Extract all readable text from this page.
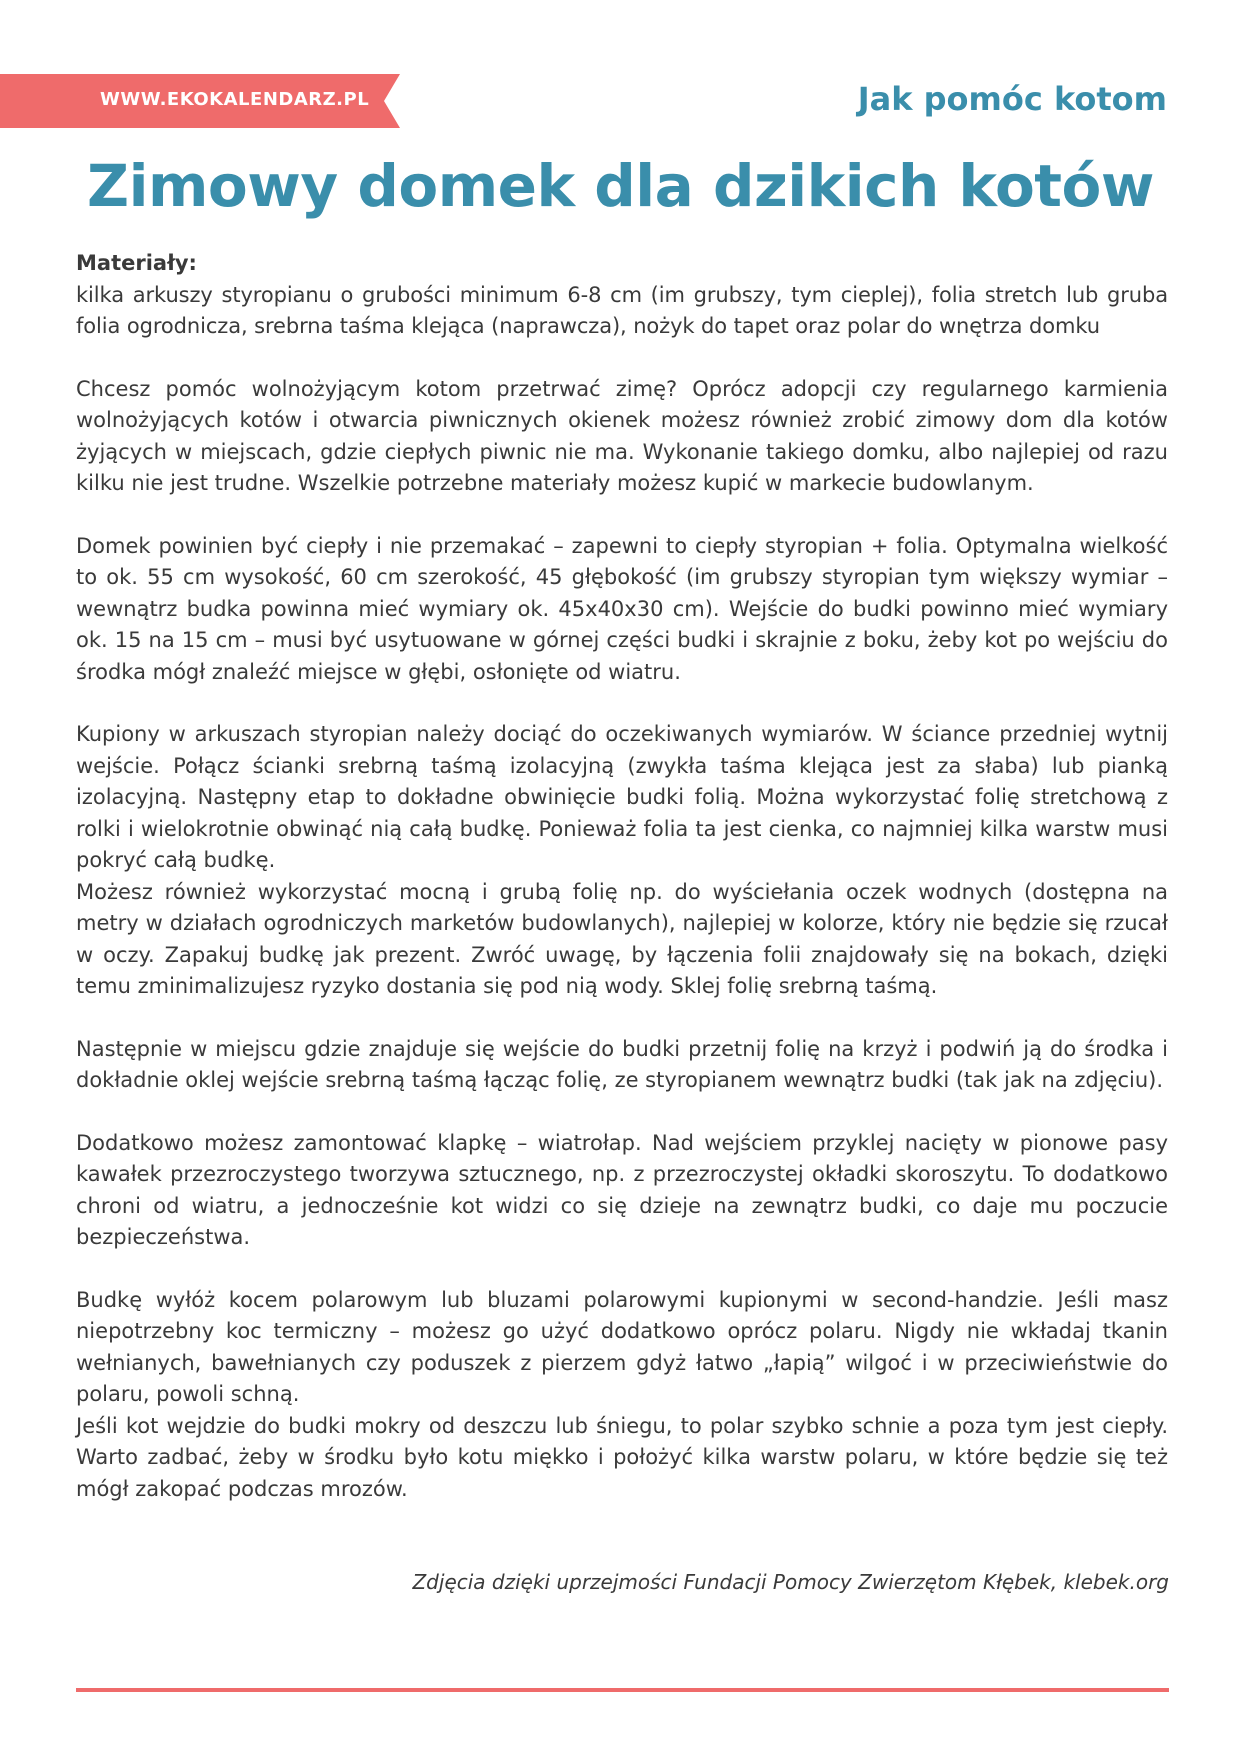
WWW.EKOKALENDARZ.PL	Jak pomóc kotom
Zimowy domek dla dzikich kotów

Materiały:

kilka arkuszy styropianu o grubości minimum 6-8 cm (im grubszy, tym cieplej), folia stretch lub gruba folia ogrodnicza, srebrna taśma klejąca (naprawcza), nożyk do tapet oraz polar do wnętrza domku

Chcesz pomóc wolnożyjącym kotom przetrwać zimę? Oprócz adopcji czy regularnego karmienia wolnożyjących kotów i otwarcia piwnicznych okienek możesz również zrobić zimowy dom dla kotów żyjących w miejscach, gdzie ciepłych piwnic nie ma. Wykonanie takiego domku, albo najlepiej od razu kilku nie jest trudne. Wszelkie potrzebne materiały możesz kupić w markecie budowlanym.

Domek powinien być ciepły i nie przemakać – zapewni to ciepły styropian + folia. Optymalna wielkość to ok. 55 cm wysokość, 60 cm szerokość, 45 głębokość (im grubszy styropian tym większy wymiar – wewnątrz budka powinna mieć wymiary ok. 45x40x30 cm). Wejście do budki powinno mieć wymiary ok. 15 na 15 cm – musi być usytuowane w górnej części budki i skrajnie z boku, żeby kot po wejściu do środka mógł znaleźć miejsce w głębi, osłonięte od wiatru.

Kupiony w arkuszach styropian należy dociąć do oczekiwanych wymiarów. W ściance przedniej wytnij wejście. Połącz ścianki srebrną taśmą izolacyjną (zwykła taśma klejąca jest za słaba) lub pianką izolacyjną. Następny etap to dokładne obwinięcie budki folią. Można wykorzystać folię stretchową z rolki i wielokrotnie obwinąć nią całą budkę. Ponieważ folia ta jest cienka, co najmniej kilka warstw musi pokryć całą budkę.

Możesz również wykorzystać mocną i grubą folię np. do wyściełania oczek wodnych (dostępna na metry w działach ogrodniczych marketów budowlanych), najlepiej w kolorze, który nie będzie się rzucał w oczy. Zapakuj budkę jak prezent. Zwróć uwagę, by łączenia folii znajdowały się na bokach, dzięki temu zminimalizujesz ryzyko dostania się pod nią wody. Sklej folię srebrną taśmą.

Następnie w miejscu gdzie znajduje się wejście do budki przetnij folię na krzyż i podwiń ją do środka i dokładnie oklej wejście srebrną taśmą łącząc folię, ze styropianem wewnątrz budki (tak jak na zdjęciu).

Dodatkowo możesz zamontować klapkę – wiatrołap. Nad wejściem przyklej nacięty w pionowe pasy kawałek przezroczystego tworzywa sztucznego, np. z przezroczystej okładki skoroszytu. To dodatkowo chroni od wiatru, a jednocześnie kot widzi co się dzieje na zewnątrz budki, co daje mu poczucie bezpieczeństwa.

Budkę wyłóż kocem polarowym lub bluzami polarowymi kupionymi w second-handzie. Jeśli masz niepotrzebny koc termiczny – możesz go użyć dodatkowo oprócz polaru. Nigdy nie wkładaj tkanin wełnianych, bawełnianych czy poduszek z pierzem gdyż łatwo „łapią” wilgoć i w przeciwieństwie do polaru, powoli schną.

Jeśli kot wejdzie do budki mokry od deszczu lub śniegu, to polar szybko schnie a poza tym jest ciepły. Warto zadbać, żeby w środku było kotu miękko i położyć kilka warstw polaru, w które będzie się też mógł zakopać podczas mrozów.

Zdjęcia dzięki uprzejmości Fundacji Pomocy Zwierzętom Kłębek, klebek.org
